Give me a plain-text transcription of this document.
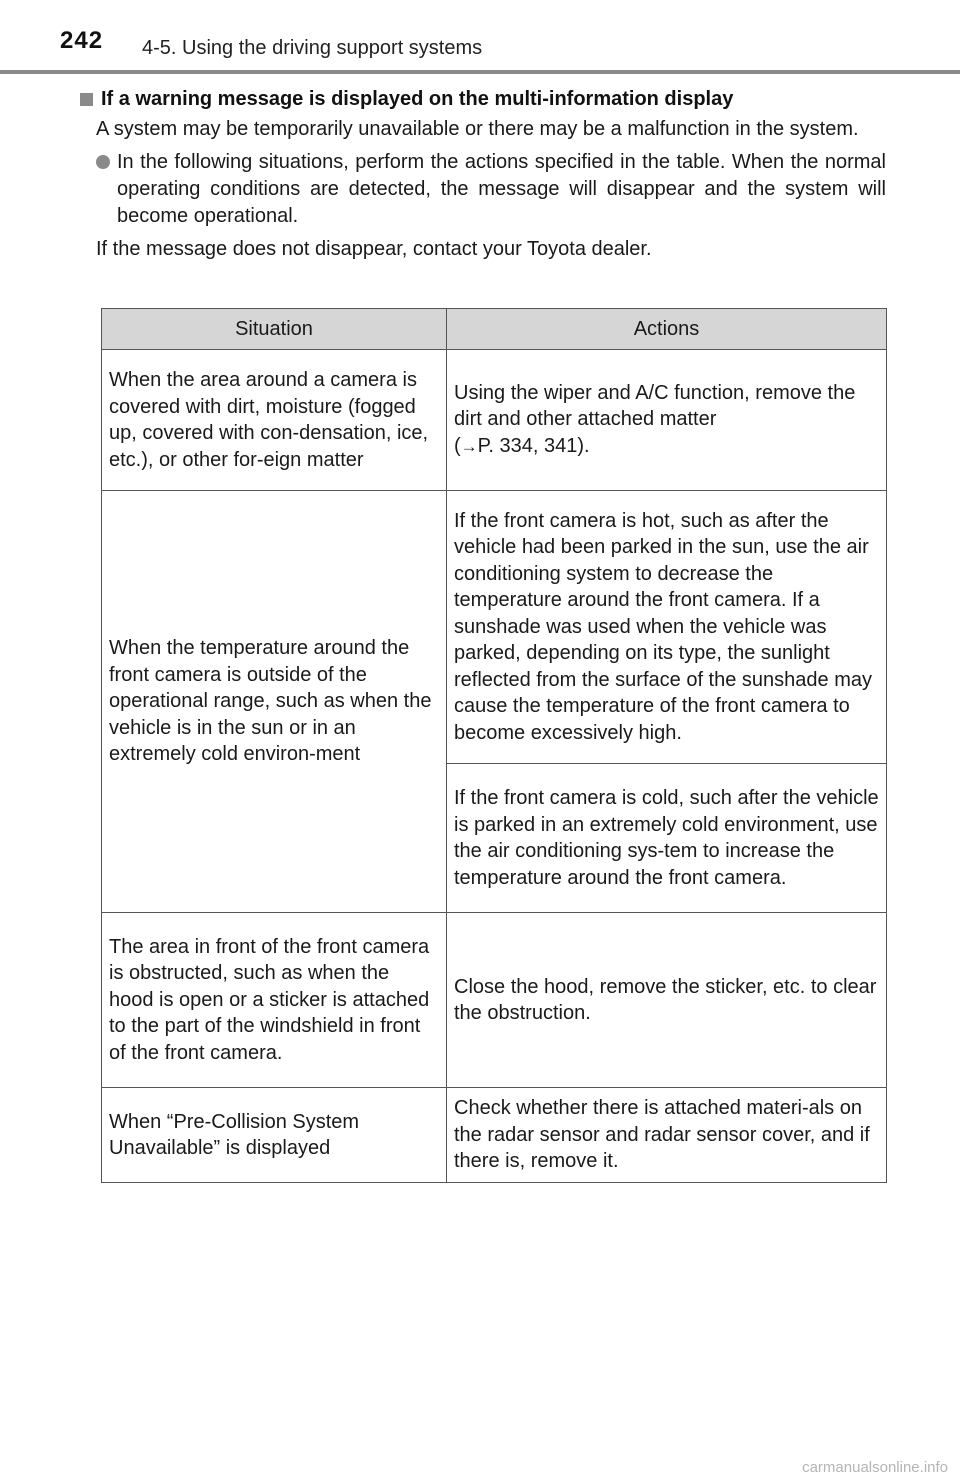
242 4-5. Using the driving support systems
If a warning message is displayed on the multi-information display
A system may be temporarily unavailable or there may be a malfunction in the system.
In the following situations, perform the actions specified in the table. When the normal operating conditions are detected, the message will disappear and the system will become operational.
If the message does not disappear, contact your Toyota dealer.
Situation	Actions
When the area around a camera is covered with dirt, moisture (fogged up, covered with con-densation, ice, etc.), or other for-eign matter	Using the wiper and A/C function, remove the dirt and other attached matter
(→P. 334, 341).
When the temperature around the front camera is outside of the operational range, such as when the vehicle is in the sun or in an extremely cold environ-ment	If the front camera is hot, such as after the vehicle had been parked in the sun, use the air conditioning system to decrease the temperature around the front camera. If a sunshade was used when the vehicle was parked, depending on its type, the sunlight reflected from the surface of the sunshade may cause the temperature of the front camera to become excessively high.
	If the front camera is cold, such after the vehicle is parked in an extremely cold environment, use the air conditioning sys-tem to increase the temperature around the front camera.
The area in front of the front camera is obstructed, such as when the hood is open or a sticker is attached to the part of the windshield in front of the front camera.	Close the hood, remove the sticker, etc. to clear the obstruction.
When “Pre-Collision System Unavailable” is displayed	Check whether there is attached materi-als on the radar sensor and radar sensor cover, and if there is, remove it.
carmanualsonline.info
